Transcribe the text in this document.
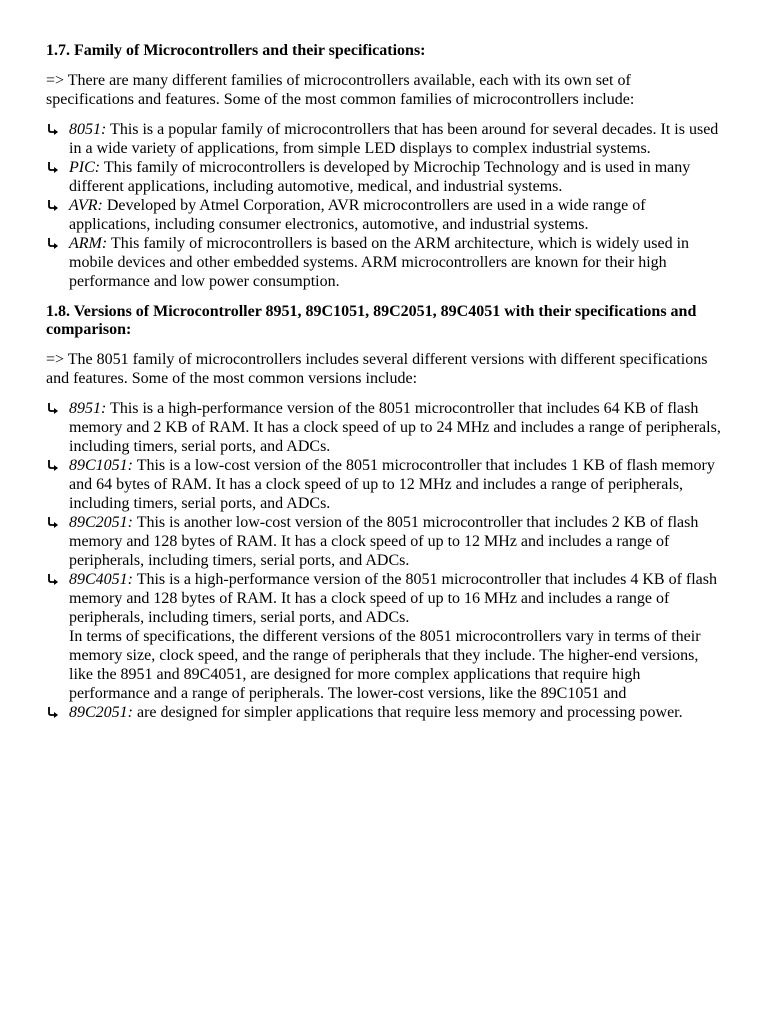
1.7. Family of Microcontrollers and their specifications:

=> There are many different families of microcontrollers available, each with its own set of specifications and features. Some of the most common families of microcontrollers include:

8051: This is a popular family of microcontrollers that has been around for several decades. It is used in a wide variety of applications, from simple LED displays to complex industrial systems.
PIC: This family of microcontrollers is developed by Microchip Technology and is used in many different applications, including automotive, medical, and industrial systems.
AVR: Developed by Atmel Corporation, AVR microcontrollers are used in a wide range of applications, including consumer electronics, automotive, and industrial systems.
ARM: This family of microcontrollers is based on the ARM architecture, which is widely used in mobile devices and other embedded systems. ARM microcontrollers are known for their high performance and low power consumption.
1.8. Versions of Microcontroller 8951, 89C1051, 89C2051, 89C4051 with their specifications and comparison:

=> The 8051 family of microcontrollers includes several different versions with different specifications and features. Some of the most common versions include:

8951: This is a high-performance version of the 8051 microcontroller that includes 64 KB of flash memory and 2 KB of RAM. It has a clock speed of up to 24 MHz and includes a range of peripherals, including timers, serial ports, and ADCs.
89C1051: This is a low-cost version of the 8051 microcontroller that includes 1 KB of flash memory and 64 bytes of RAM. It has a clock speed of up to 12 MHz and includes a range of peripherals, including timers, serial ports, and ADCs.
89C2051: This is another low-cost version of the 8051 microcontroller that includes 2 KB of flash memory and 128 bytes of RAM. It has a clock speed of up to 12 MHz and includes a range of peripherals, including timers, serial ports, and ADCs.
89C4051: This is a high-performance version of the 8051 microcontroller that includes 4 KB of flash memory and 128 bytes of RAM. It has a clock speed of up to 16 MHz and includes a range of peripherals, including timers, serial ports, and ADCs.
In terms of specifications, the different versions of the 8051 microcontrollers vary in terms of their memory size, clock speed, and the range of peripherals that they include. The higher-end versions, like the 8951 and 89C4051, are designed for more complex applications that require high performance and a range of peripherals. The lower-cost versions, like the 89C1051 and
89C2051: are designed for simpler applications that require less memory and processing power.
